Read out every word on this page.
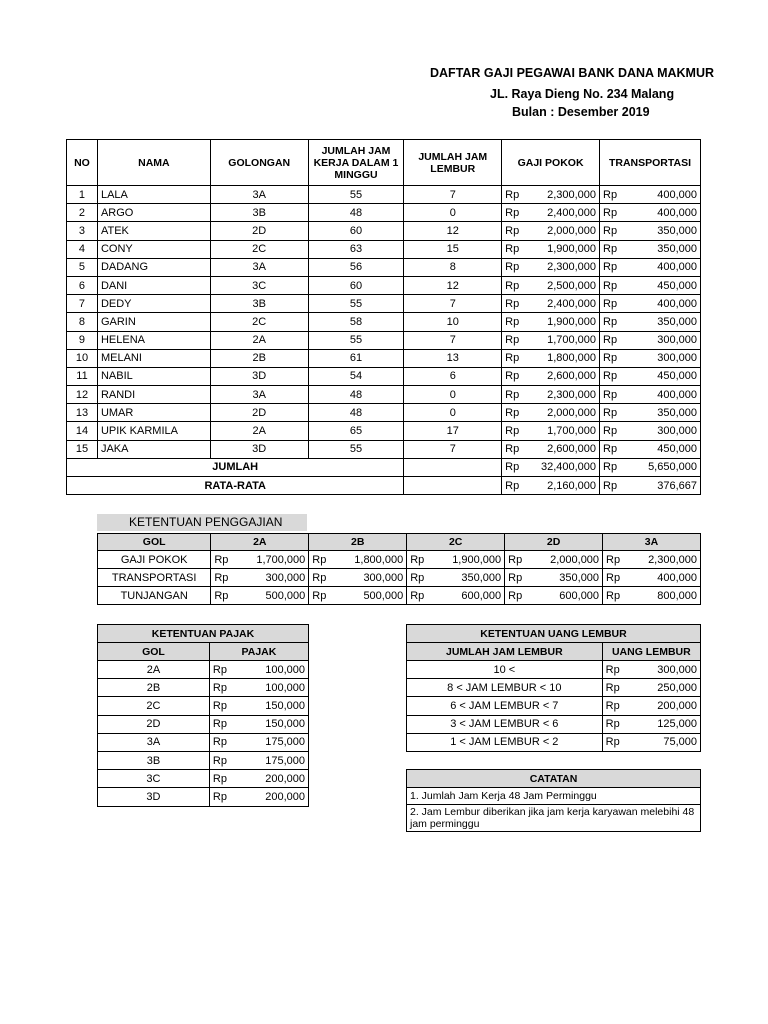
DAFTAR GAJI PEGAWAI BANK DANA MAKMUR
JL. Raya Dieng No. 234 Malang
Bulan : Desember 2019
NO	NAMA	GOLONGAN	JUMLAH JAM KERJA DALAM 1 MINGGU	JUMLAH JAM LEMBUR	GAJI POKOK		TRANSPORTASI	
1	LALA	3A	55	7	Rp	2,300,000	Rp	400,000
2	ARGO	3B	48	0	Rp	2,400,000	Rp	400,000
3	ATEK	2D	60	12	Rp	2,000,000	Rp	350,000
4	CONY	2C	63	15	Rp	1,900,000	Rp	350,000
5	DADANG	3A	56	8	Rp	2,300,000	Rp	400,000
6	DANI	3C	60	12	Rp	2,500,000	Rp	450,000
7	DEDY	3B	55	7	Rp	2,400,000	Rp	400,000
8	GARIN	2C	58	10	Rp	1,900,000	Rp	350,000
9	HELENA	2A	55	7	Rp	1,700,000	Rp	300,000
10	MELANI	2B	61	13	Rp	1,800,000	Rp	300,000
11	NABIL	3D	54	6	Rp	2,600,000	Rp	450,000
12	RANDI	3A	48	0	Rp	2,300,000	Rp	400,000
13	UMAR	2D	48	0	Rp	2,000,000	Rp	350,000
14	UPIK KARMILA	2A	65	17	Rp	1,700,000	Rp	300,000
15	JAKA	3D	55	7	Rp	2,600,000	Rp	450,000
JUMLAH					Rp	32,400,000	Rp	5,650,000
RATA-RATA					Rp	2,160,000	Rp	376,667
KETENTUAN PENGGAJIAN
GOL	2A		2B		2C		2D		3A	
GAJI POKOK	Rp	1,700,000	Rp	1,800,000	Rp	1,900,000	Rp	2,000,000	Rp	2,300,000
TRANSPORTASI	Rp	300,000	Rp	300,000	Rp	350,000	Rp	350,000	Rp	400,000
TUNJANGAN	Rp	500,000	Rp	500,000	Rp	600,000	Rp	600,000	Rp	800,000
KETENTUAN PAJAK		
GOL	PAJAK	
2A	Rp	100,000
2B	Rp	100,000
2C	Rp	150,000
2D	Rp	150,000
3A	Rp	175,000
3B	Rp	175,000
3C	Rp	200,000
3D	Rp	200,000
KETENTUAN UANG LEMBUR		
JUMLAH JAM LEMBUR	UANG LEMBUR	
10 <	Rp	300,000
8 < JAM LEMBUR < 10	Rp	250,000
6 < JAM LEMBUR < 7	Rp	200,000
3 < JAM LEMBUR < 6	Rp	125,000
1 < JAM LEMBUR < 2	Rp	75,000
CATATAN
1. Jumlah Jam Kerja 48 Jam Perminggu
2. Jam Lembur diberikan jika jam kerja karyawan melebihi 48 jam perminggu
